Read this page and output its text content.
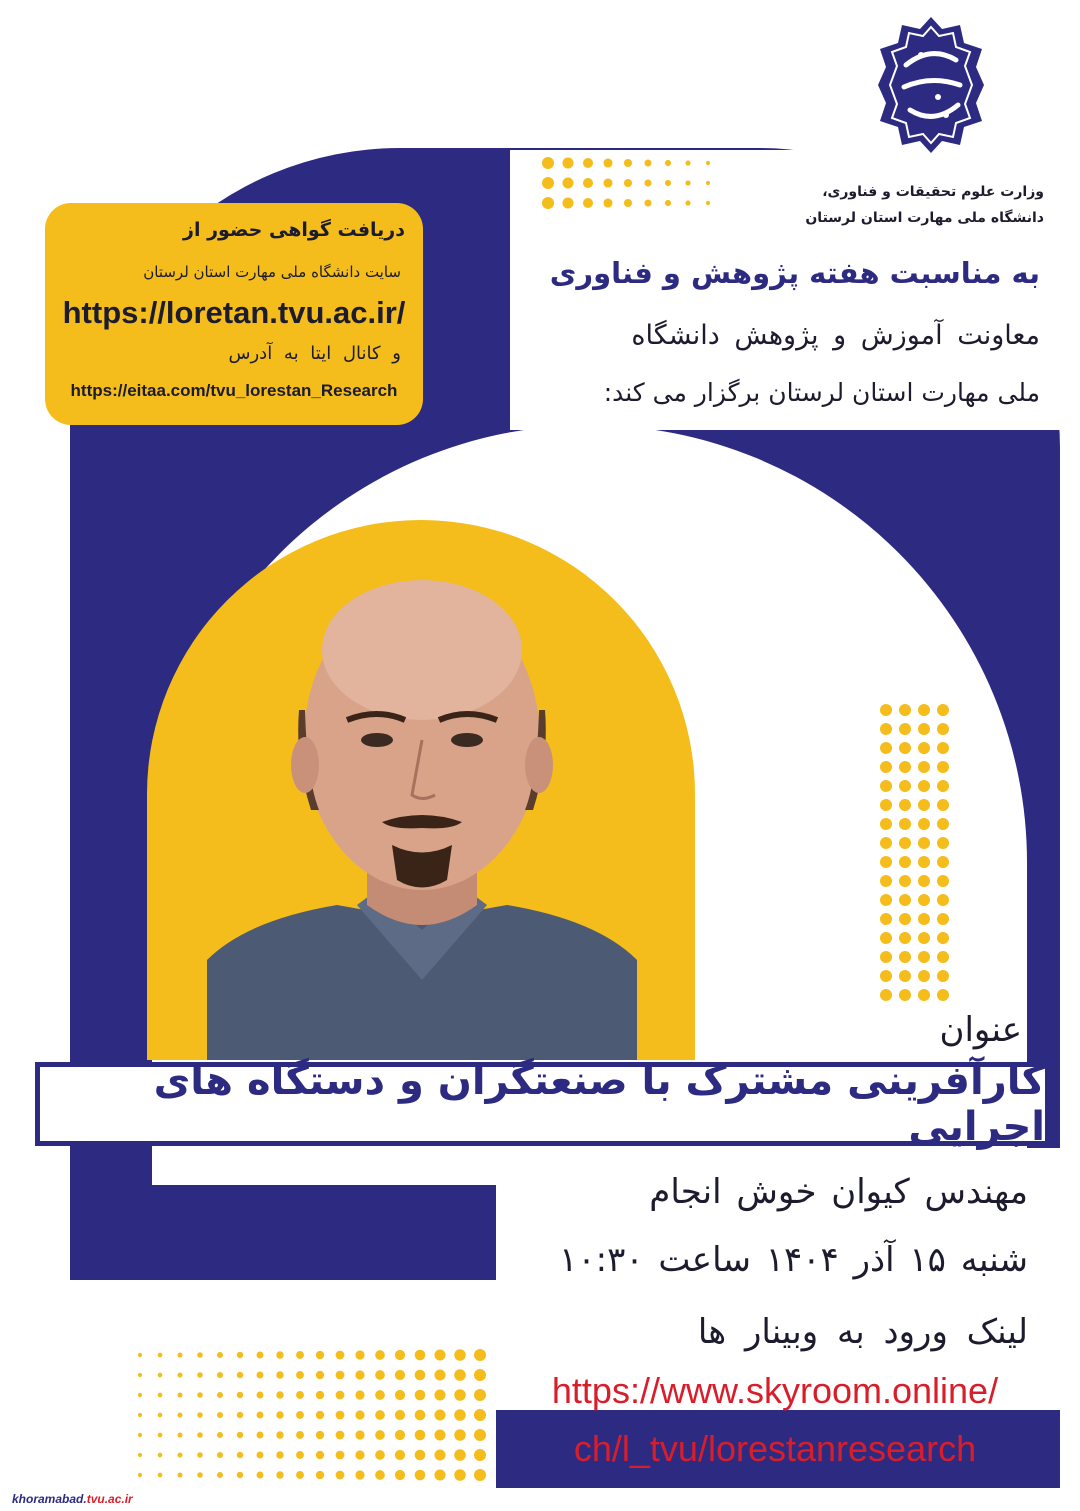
دریافت گواهی حضور از
سایت دانشگاه ملی مهارت استان لرستان
https://loretan.tvu.ac.ir/
و کانال ایتا به آدرس
https://eitaa.com/tvu_lorestan_Research
وزارت علوم تحقیقات و فناوری،
دانشگاه ملی مهارت استان لرستان
به مناسبت هفته پژوهش و فناوری
معاونت آموزش و پژوهش دانشگاه
ملی مهارت استان لرستان برگزار می کند:
عنوان
کارآفرینی مشترک با صنعتگران و دستگاه های اجرایی
مهندس کیوان خوش انجام
شنبه ۱۵ آذر ۱۴۰۴ ساعت ۱۰:۳۰
لینک ورود به وبینار ها
https://www.skyroom.online/
ch/l_tvu/lorestanresearch
khoramabad.tvu.ac.ir
